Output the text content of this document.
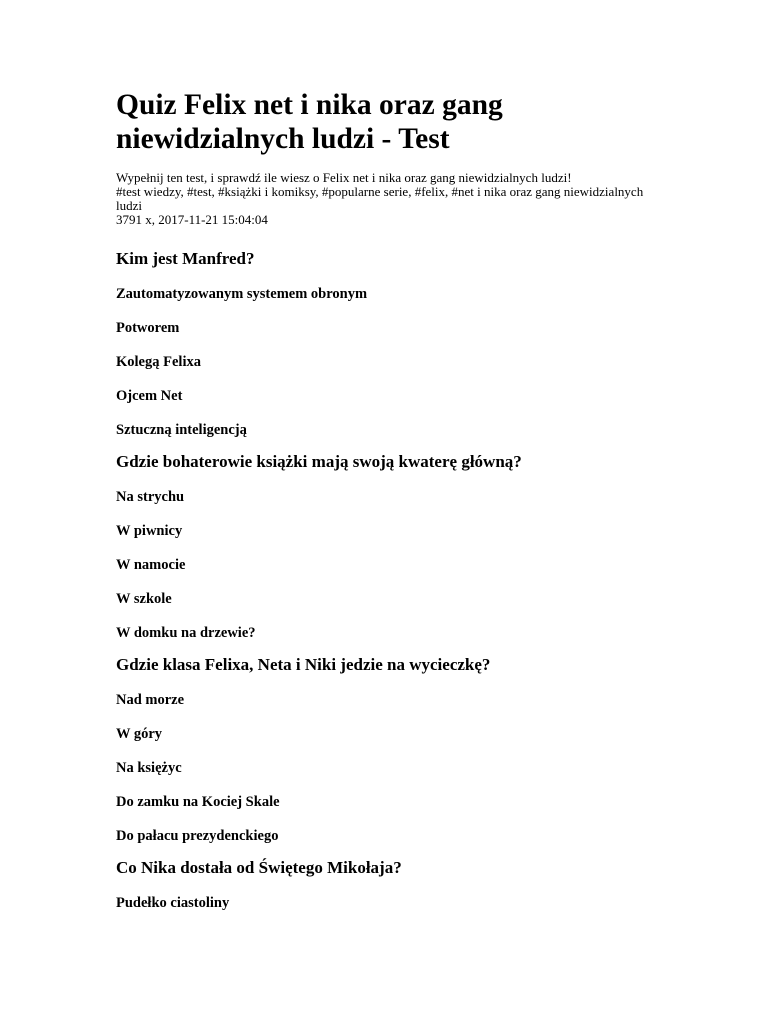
Quiz Felix net i nika oraz gang niewidzialnych ludzi - Test
Wypełnij ten test, i sprawdź ile wiesz o Felix net i nika oraz gang niewidzialnych ludzi!
#test wiedzy, #test, #książki i komiksy, #popularne serie, #felix, #net i nika oraz gang niewidzialnych ludzi
3791 x, 2017-11-21 15:04:04
Kim jest Manfred?
Zautomatyzowanym systemem obronym
Potworem
Kolegą Felixa
Ojcem Net
Sztuczną inteligencją
Gdzie bohaterowie książki mają swoją kwaterę główną?
Na strychu
W piwnicy
W namocie
W szkole
W domku na drzewie?
Gdzie klasa Felixa, Neta i Niki jedzie na wycieczkę?
Nad morze
W góry
Na księżyc
Do zamku na Kociej Skale
Do pałacu prezydenckiego
Co Nika dostała od Świętego Mikołaja?
Pudełko ciastoliny
